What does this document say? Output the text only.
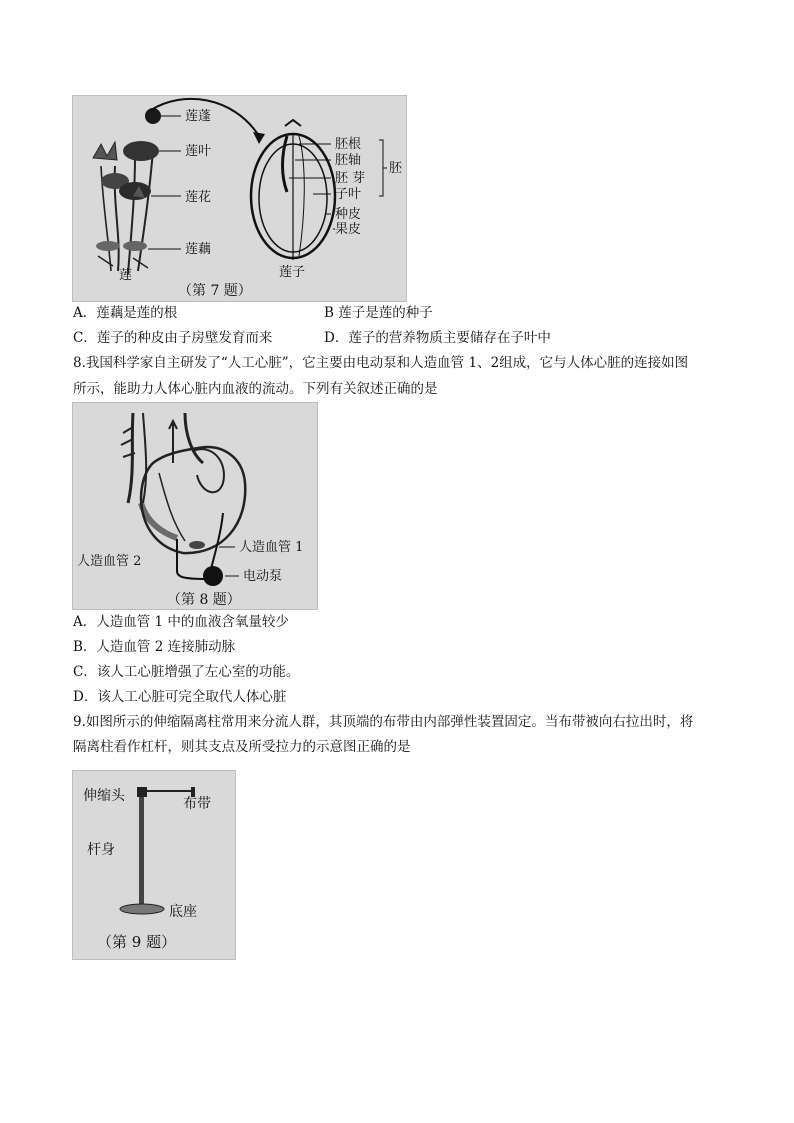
莲蓬
莲叶
莲花
莲藕
莲	莲子
胚根
胚轴
胚 芽
子叶
种皮
果皮
胚
（第 7 题）
A．莲藕是莲的根	B 莲子是莲的种子
C．莲子的种皮由子房壁发育而来	D．莲子的营养物质主要储存在子叶中
8.我国科学家自主研发了“人工心脏”，它主要由电动泵和人造血管 1、2组成，它与人体心脏的连接如图
所示，能助力人体心脏内血液的流动。下列有关叙述正确的是
人造血管 1
人造血管 2
电动泵
（第 8 题）
A．人造血管 1 中的血液含氧量较少
B．人造血管 2 连接肺动脉
C．该人工心脏增强了左心室的功能。
D．该人工心脏可完全取代人体心脏
9.如图所示的伸缩隔离柱常用来分流人群，其顶端的布带由内部弹性装置固定。当布带被向右拉出时，将
隔离柱看作杠杆，则其支点及所受拉力的示意图正确的是
伸缩头	布带
杆身
底座
（第 9 题）
